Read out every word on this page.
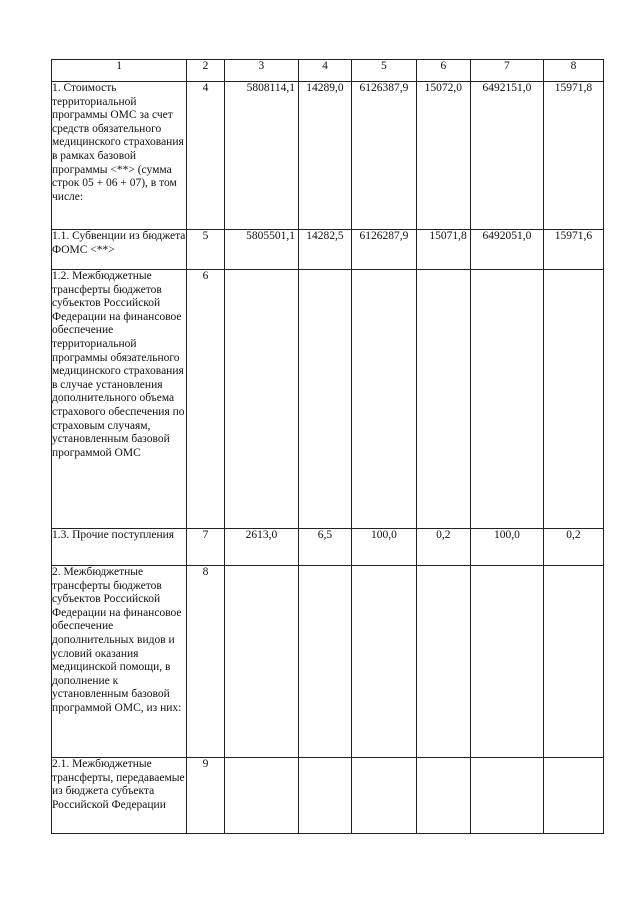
1	2	3	4	5	6	7	8
1. Стоимость территориальной программы ОМС за счет средств обязательного медицинского страхования в рамках базовой программы <**> (сумма строк 05 + 06 + 07), в том числе:	4	5808114,1	14289,0	6126387,9	15072,0	6492151,0	15971,8
1.1. Субвенции из бюджета ФОМС <**>	5	5805501,1	14282,5	6126287,9	15071,8	6492051,0	15971,6
1.2. Межбюджетные трансферты бюджетов субъектов Российской Федерации на финансовое обеспечение территориальной программы обязательного медицинского страхования в случае установления дополнительного объема страхового обеспечения по страховым случаям, установленным базовой программой ОМС	6						
1.3. Прочие поступления	7	2613,0	6,5	100,0	0,2	100,0	0,2
2. Межбюджетные трансферты бюджетов субъектов Российской Федерации на финансовое обеспечение дополнительных видов и условий оказания медицинской помощи, в дополнение к установленным базовой программой ОМС, из них:	8						
2.1. Межбюджетные трансферты, передаваемые из бюджета субъекта Российской Федерации	9						
